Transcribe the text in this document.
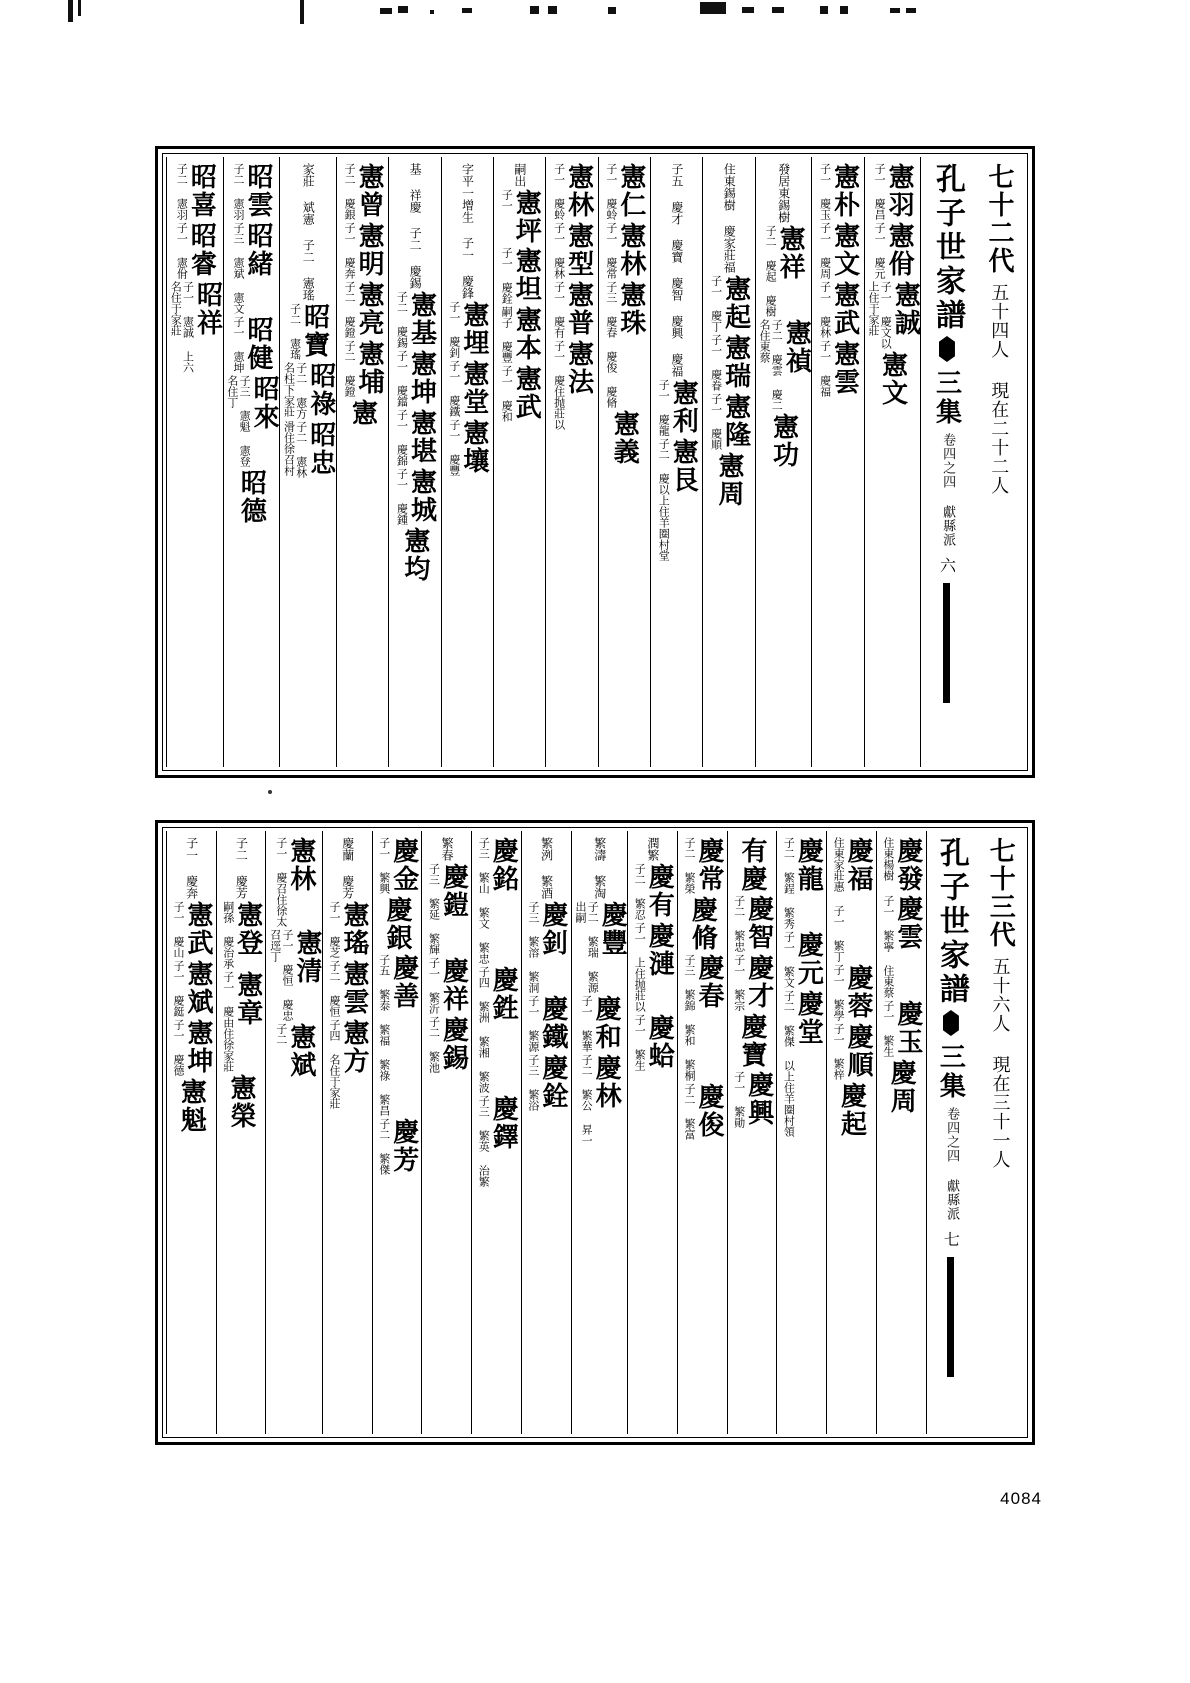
七十二代
五十四人 現在二十二人
孔子世家譜
三集
卷四之四 獻縣派
六
子一 慶昌
憲羽
子一 慶元
憲佾
上住于家莊 子一 慶文以
憲誠
憲文
子一 慶玉
憲朴
子一 慶周
憲文
子一 慶林
憲武
子一 慶福
憲雲
發居東錫樹
子二 慶起 慶樹
憲祥
名住東蔡 子二 慶雲 慶二
憲禎
憲功
住東錫樹 慶家莊福
子一 慶丁
憲起
子一 慶眷
憲瑞
子一 慶順
憲隆
憲周
子五 慶才 慶寶 慶智 慶興 慶福
子一 慶龍
憲利
子二 慶以上住羊圈村堂
憲艮
子一 慶蛉
憲仁
子一 慶常
憲林
子三 慶春 慶俊 慶脩
憲珠
憲義
子一 慶蛉
憲林
子一 慶林
憲型
子一 慶有
憲普
子一 慶住抛莊以
憲法
嗣出
子一
憲坪
子一 慶銓
憲坦
嗣子 慶豐
憲本
子一 慶和
憲武
字平一增生 子一 慶鋒
子一 慶釗
憲埋
子一 慶鐵
憲堂
子一 慶豐
憲壤
基 祥慶 子二 慶錫
子二 慶錫
憲基
子一 慶鐺
憲坤
子一 慶錦
憲堪
子一 慶鍾
憲城
憲均
子二 慶銀
憲曾
子一 慶奔
憲明
子二 慶鐙
憲亮
子二 慶鐙
憲埔
憲
家莊 斌憲 子二 憲瑤
子二 憲瑤
昭寶
名柱下家莊 子二 憲方
昭祿
滑住徐召村 子二 憲林
昭忠
子二 憲羽
昭雲
子三 憲斌 憲文
昭緒
子一 憲坤
昭健
名住丁 子三 憲魁 憲登
昭來
昭德
子二 憲羽
昭喜
子一 憲佾
昭睿
名住于家莊 子一 憲誠 上六
昭祥
七十三代
五十六人 現在三十一人
孔子世家譜
三集
卷四之四 獻縣派
七
住東楊樹
慶發
子一 繁寧 住東蔡
慶雲
子一 繁生
慶玉
慶周
住東家莊惠 子一 繁丁
慶福
子一 繁學
慶蓉
子一 繁梓
慶順
慶起
子二 繁鋥 繁秀
慶龍
子一 繁文
慶元
子二 繁傑 以上住羊圈村領
慶堂
有慶
子二 繁忠
慶智
子一 繁宗
慶才
慶寶
子一 繁勛
慶興
子二 繁榮
慶常
慶脩
子三 繁錦 繁和 繁桐
慶春
子二 繁富
慶俊
潤繁
子二 繁忍
慶有
子一 上住抛莊以
慶漣
子一 繁生
慶蛤
繁濤 繁淘
出嗣 子二 繁瑞 繁源
慶豐
子一 繁華
慶和
子二 繁公 昇一
慶林
繁洌 繁酒
子三 繁溶 繁洞
慶釗
子一 繁源
慶鐵
子三 繁浴
慶銓
子三 繁山 繁文 繁忠
慶銘
子四 繁洲 繁湘 繁波
慶鉎
子三 繁英 治繁
慶鐸
繁春
子三 繁延 繁輝
慶鎧
子一 繁沂
慶祥
子二 繁池
慶錫
子一 繁興
慶金
慶銀
子五 繁泰 繁福 繁祿 繁昌
慶善
子二 繁傑
慶芳
慶蘭 慶芳
子一 慶芝
憲瑤
子二 慶恒
憲雲
子四 名住于家莊
憲方
子一 慶召住徐太
憲林
召逕丁 子一 慶恒 慶忠
憲清
子二
憲斌
子二 慶芳
嗣孫 慶治承
憲登
子一 慶由住徐家莊
憲章
憲榮
子一 慶奔
子一 慶山
憲武
子一 慶鋌
憲斌
子一 慶德
憲坤
憲魁
4084
